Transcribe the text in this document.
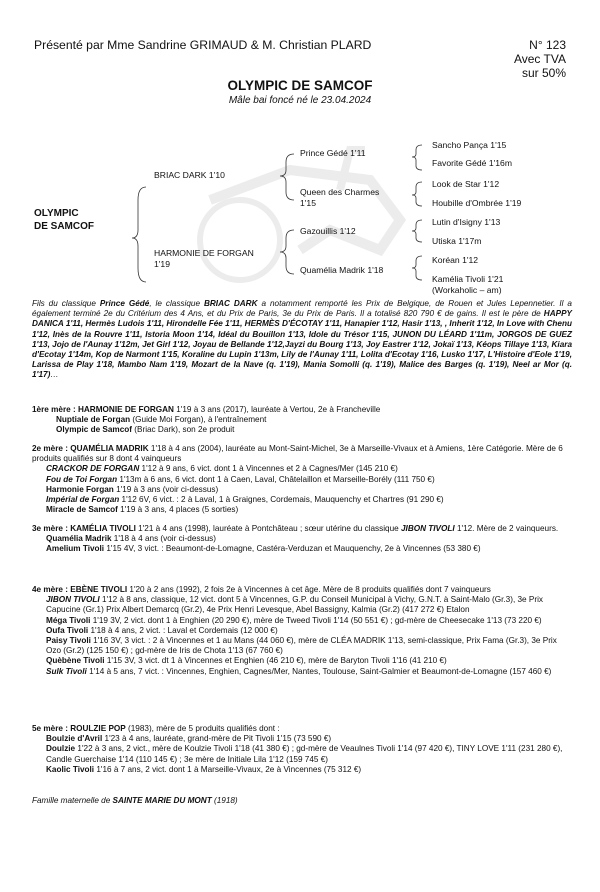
Présenté par Mme Sandrine GRIMAUD & M. Christian PLARD	N° 123
Avec TVA
sur 50%
OLYMPIC DE SAMCOF
Mâle bai foncé né le 23.04.2024
OLYMPIC
DE SAMCOF
BRIAC DARK 1'10
HARMONIE DE FORGAN
1'19
Prince Gédé 1'11
Queen des Charmes
1'15
Gazouillis 1'12
Quamélia Madrik 1'18
Sancho Pança 1'15
Favorite Gédé 1'16m
Look de Star 1'12
Houbille d'Ombrée 1'19
Lutin d'Isigny 1'13
Utiska 1'17m
Koréan 1'12
Kamélia Tivoli 1'21
(Workaholic – am)

Fils du classique Prince Gédé, le classique BRIAC DARK a notamment remporté les Prix de Belgique, de Rouen et Jules Lepennetier. Il a également terminé 2e du Critérium des 4 Ans, et du Prix de Paris, 3e du Prix de Paris. Il a totalisé 820 790 € de gains. Il est le père de HAPPY DANICA 1'11, Hermès Ludois 1'11, Hirondelle Fée 1'11, HERMÈS D'ÉCOTAY 1'11, Hanapier 1'12, Hasir 1'13, , Inherit 1'12, In Love with Chenu 1'12, Inès de la Rouvre 1'11, Istoria Moon 1'14, Idéal du Bouillon 1'13, Idole du Trésor 1'15, JUNON DU LÉARD 1'11m, JORGOS DE GUEZ 1'13, Jojo de l'Aunay 1'12m, Jet Girl 1'12, Joyau de Bellande 1'12,Jayzi du Bourg 1'13, Joy Eastrer 1'12, Jokaï 1'13, Kéops Tillaye 1'13, Kiara d'Ecotay 1'14m, Kop de Narmont 1'15, Koraline du Lupin 1'13m, Lily de l'Aunay 1'11, Lolita d'Ecotay 1'16, Lusko 1'17, L'Histoire d'Eole 1'19, Larissa de Play 1'18, Mambo Nam 1'19, Mozart de la Nave (q. 1'19), Mania Somolli (q. 1'19), Malice des Barges (q. 1'19), Neel ar Mor (q. 1'17)…

1ère mère : HARMONIE DE FORGAN 1'19 à 3 ans (2017), lauréate à Vertou, 2e à Francheville

Nuptiale de Forgan (Guide Moi Forgan), à l'entraînement

Olympic de Samcof (Briac Dark), son 2e produit

2e mère : QUAMÉLIA MADRIK 1'18 à 4 ans (2004), lauréate au Mont-Saint-Michel, 3e à Marseille-Vivaux et à Amiens, 1ère Catégorie. Mère de 6 produits qualifiés sur 8 dont 4 vainqueurs

CRACKOR DE FORGAN 1'12 à 9 ans, 6 vict. dont 1 à Vincennes et 2 à Cagnes/Mer (145 210 €)

Fou de Toi Forgan 1'13m à 6 ans, 6 vict. dont 1 à Caen, Laval, Châtelaillon et Marseille-Borély (111 750 €)

Harmonie Forgan 1'19 à 3 ans (voir ci-dessus)

Impérial de Forgan 1'12 6V, 6 vict. : 2 à Laval, 1 à Graignes, Cordemais, Mauquenchy et Chartres (91 290 €)

Miracle de Samcof 1'19 à 3 ans, 4 places (5 sorties)

3e mère : KAMÉLIA TIVOLI 1'21 à 4 ans (1998), lauréate à Pontchâteau ; sœur utérine du classique JIBON TIVOLI 1'12. Mère de 2 vainqueurs.

Quamélia Madrik 1'18 à 4 ans (voir ci-dessus)

Amelium Tivoli 1'15 4V, 3 vict. : Beaumont-de-Lomagne, Castéra-Verduzan et Mauquenchy, 2e à Vincennes (53 380 €)

4e mère : EBÈNE TIVOLI 1'20 à 2 ans (1992), 2 fois 2e à Vincennes à cet âge. Mère de 8 produits qualifiés dont 7 vainqueurs

JIBON TIVOLI 1'12 à 8 ans, classique, 12 vict. dont 5 à Vincennes, G.P. du Conseil Municipal à Vichy, G.N.T. à Saint-Malo (Gr.3), 3e Prix Capucine (Gr.1) Prix Albert Demarcq (Gr.2), 4e Prix Henri Levesque, Abel Bassigny, Kalmia (Gr.2) (417 272 €) Etalon

Méga Tivoli 1'19 3V, 2 vict. dont 1 à Enghien (20 290 €), mère de Tweed Tivoli 1'14 (50 551 €) ; gd-mère de Cheesecake 1'13 (73 220 €)

Oufa Tivoli 1'18 à 4 ans, 2 vict. : Laval et Cordemais (12 000 €)

Paisy Tivoli 1'16 3V, 3 vict. : 2 à Vincennes et 1 au Mans (44 060 €), mère de CLÉA MADRIK 1'13, semi-classique, Prix Fama (Gr.3), 3e Prix Ozo (Gr.2) (125 150 €) ; gd-mère de Iris de Chota 1'13 (67 760 €)

Quèbène Tivoli 1'15 3V, 3 vict. dt 1 à Vincennes et Enghien (46 210 €), mère de Baryton Tivoli 1'16 (41 210 €)

Sulk Tivoli 1'14 à 5 ans, 7 vict. : Vincennes, Enghien, Cagnes/Mer, Nantes, Toulouse, Saint-Galmier et Beaumont-de-Lomagne (157 460 €)

5e mère : ROULZIE POP (1983), mère de 5 produits qualifiés dont :

Boulzie d'Avril 1'23 à 4 ans, lauréate, grand-mère de Pit Tivoli 1'15 (73 590 €)

Doulzie 1'22 à 3 ans, 2 vict., mère de Koulzie Tivoli 1'18 (41 380 €) ; gd-mère de Veaulnes Tivoli 1'14 (97 420 €), TINY LOVE 1'11 (231 280 €), Candle Guerchaise 1'14 (110 145 €) ; 3e mère de Initiale Lila 1'12 (159 745 €)

Kaolic Tivoli 1'16 à 7 ans, 2 vict. dont 1 à Marseille-Vivaux, 2e à Vincennes (75 312 €)

Famille maternelle de SAINTE MARIE DU MONT (1918)
